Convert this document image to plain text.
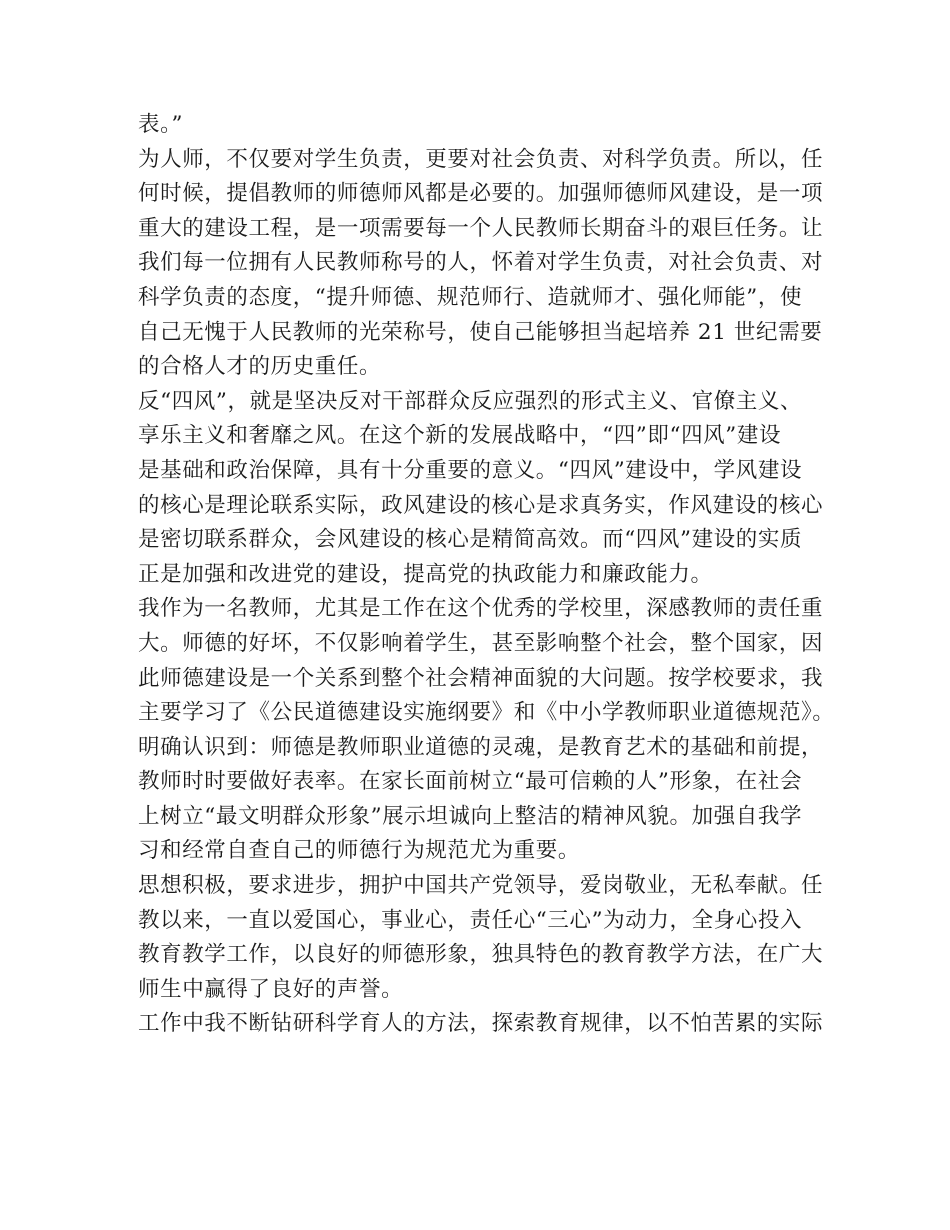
表。”

为人师，不仅要对学生负责，更要对社会负责、对科学负责。所以，任
何时候，提倡教师的师德师风都是必要的。加强师德师风建设，是一项
重大的建设工程，是一项需要每一个人民教师长期奋斗的艰巨任务。让
我们每一位拥有人民教师称号的人，怀着对学生负责，对社会负责、对
科学负责的态度，“提升师德、规范师行、造就师才、强化师能”，使
自己无愧于人民教师的光荣称号，使自己能够担当起培养 21 世纪需要
的合格人才的历史重任。

反“四风”，就是坚决反对干部群众反应强烈的形式主义、官僚主义、
享乐主义和奢靡之风。在这个新的发展战略中，“四”即“四风”建设
是基础和政治保障，具有十分重要的意义。“四风”建设中，学风建设
的核心是理论联系实际，政风建设的核心是求真务实，作风建设的核心
是密切联系群众，会风建设的核心是精简高效。而“四风”建设的实质
正是加强和改进党的建设，提高党的执政能力和廉政能力。

我作为一名教师，尤其是工作在这个优秀的学校里，深感教师的责任重
大。师德的好坏，不仅影响着学生，甚至影响整个社会，整个国家，因
此师德建设是一个关系到整个社会精神面貌的大问题。按学校要求，我
主要学习了《公民道德建设实施纲要》和《中小学教师职业道德规范》。
明确认识到：师德是教师职业道德的灵魂，是教育艺术的基础和前提，
教师时时要做好表率。在家长面前树立“最可信赖的人”形象，在社会
上树立“最文明群众形象”展示坦诚向上整洁的精神风貌。加强自我学
习和经常自查自己的师德行为规范尤为重要。

思想积极，要求进步，拥护中国共产党领导，爱岗敬业，无私奉献。任
教以来，一直以爱国心，事业心，责任心“三心”为动力，全身心投入
教育教学工作，以良好的师德形象，独具特色的教育教学方法，在广大
师生中赢得了良好的声誉。

工作中我不断钻研科学育人的方法，探索教育规律，以不怕苦累的实际
